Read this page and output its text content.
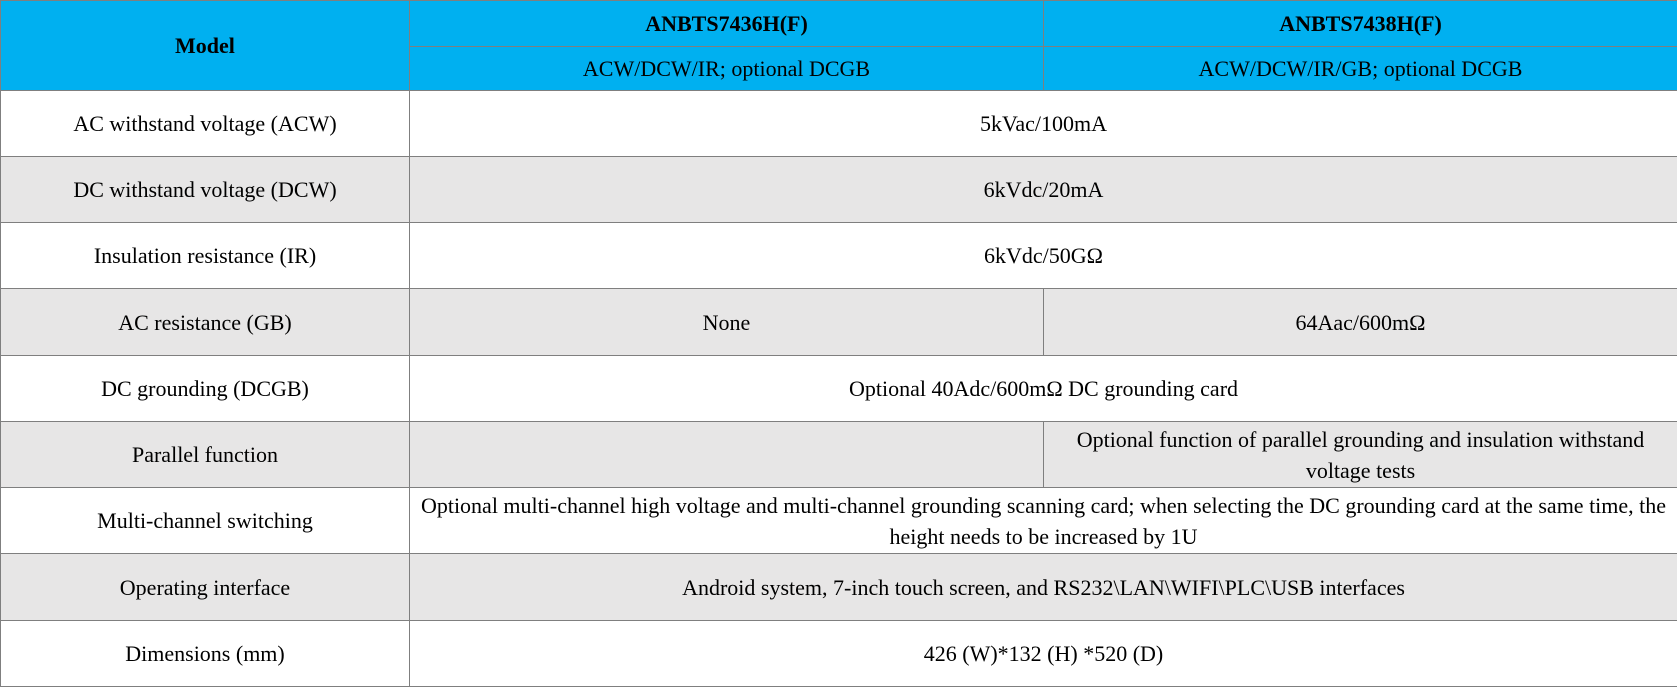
Model	ANBTS7436H(F)	ANBTS7438H(F)
	ACW/DCW/IR; optional DCGB	ACW/DCW/IR/GB; optional DCGB
AC withstand voltage (ACW)	5kVac/100mA	
DC withstand voltage (DCW)	6kVdc/20mA	
Insulation resistance (IR)	6kVdc/50GΩ	
AC resistance (GB)	None	64Aac/600mΩ
DC grounding (DCGB)	Optional 40Adc/600mΩ DC grounding card	
Parallel function		Optional function of parallel grounding and insulation withstand voltage tests
Multi-channel switching	Optional multi-channel high voltage and multi-channel grounding scanning card; when selecting the DC grounding card at the same time, the height needs to be increased by 1U	
Operating interface	Android system, 7-inch touch screen, and RS232\LAN\WIFI\PLC\USB interfaces	
Dimensions (mm)	426 (W)*132 (H) *520 (D)	
